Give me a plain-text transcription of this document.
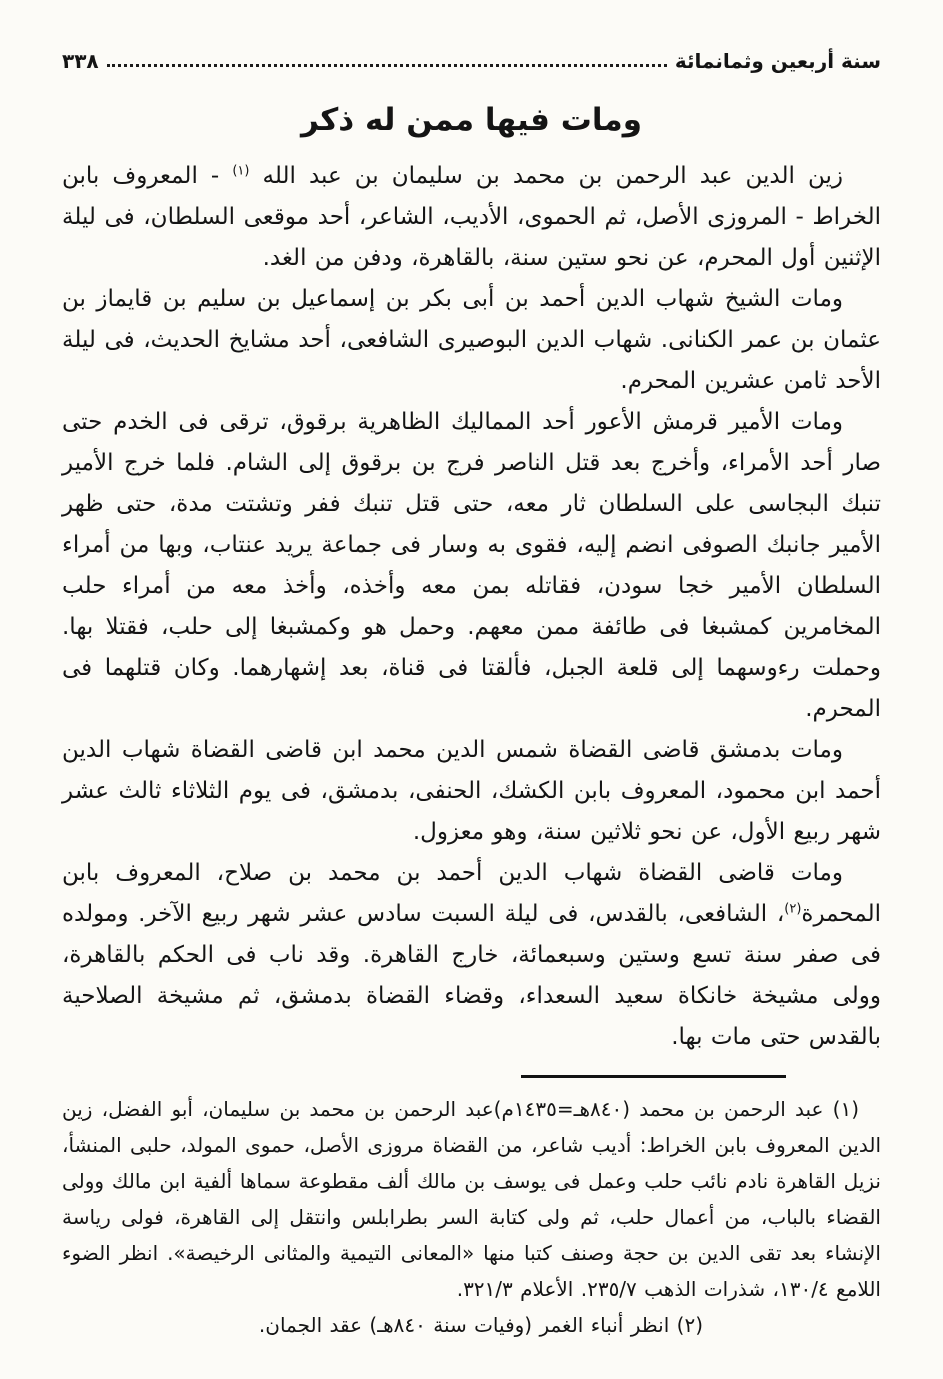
سنة أربعين وثمانمائة
٣٣٨
ومات فيها ممن له ذكر

زين الدين عبد الرحمن بن محمد بن سليمان بن عبد الله $^{(١)}$ - المعروف بابن الخراط - المروزى الأصل، ثم الحموى، الأديب، الشاعر، أحد موقعى السلطان، فى ليلة الإثنين أول المحرم، عن نحو ستين سنة، بالقاهرة، ودفن من الغد.

ومات الشيخ شهاب الدين أحمد بن أبى بكر بن إسماعيل بن سليم بن قايماز بن عثمان بن عمر الكنانى. شهاب الدين البوصيرى الشافعى، أحد مشايخ الحديث، فى ليلة الأحد ثامن عشرين المحرم.

ومات الأمير قرمش الأعور أحد المماليك الظاهرية برقوق، ترقى فى الخدم حتى صار أحد الأمراء، وأخرج بعد قتل الناصر فرج بن برقوق إلى الشام. فلما خرج الأمير تنبك البجاسى على السلطان ثار معه، حتى قتل تنبك ففر وتشتت مدة، حتى ظهر الأمير جانبك الصوفى انضم إليه، فقوى به وسار فى جماعة يريد عنتاب، وبها من أمراء السلطان الأمير خجا سودن، فقاتله بمن معه وأخذه، وأخذ معه من أمراء حلب المخامرين كمشبغا فى طائفة ممن معهم. وحمل هو وكمشبغا إلى حلب، فقتلا بها. وحملت رءوسهما إلى قلعة الجبل، فألقتا فى قناة، بعد إشهارهما. وكان قتلهما فى المحرم.

ومات بدمشق قاضى القضاة شمس الدين محمد ابن قاضى القضاة شهاب الدين أحمد ابن محمود، المعروف بابن الكشك، الحنفى، بدمشق، فى يوم الثلاثاء ثالث عشر شهر ربيع الأول، عن نحو ثلاثين سنة، وهو معزول.

ومات قاضى القضاة شهاب الدين أحمد بن محمد بن صلاح، المعروف بابن المحمرة$^{(٢)}$، الشافعى، بالقدس، فى ليلة السبت سادس عشر شهر ربيع الآخر. ومولده فى صفر سنة تسع وستين وسبعمائة، خارج القاهرة. وقد ناب فى الحكم بالقاهرة، وولى مشيخة خانكاة سعيد السعداء، وقضاء القضاة بدمشق، ثم مشيخة الصلاحية بالقدس حتى مات بها.

(١) عبد الرحمن بن محمد (٨٤٠هـ=١٤٣٥م)عبد الرحمن بن محمد بن سليمان، أبو الفضل، زين الدين المعروف بابن الخراط: أديب شاعر، من القضاة مروزى الأصل، حموى المولد، حلبى المنشأ، نزيل القاهرة نادم نائب حلب وعمل فى يوسف بن مالك ألف مقطوعة سماها ألفية ابن مالك وولى القضاء بالباب، من أعمال حلب، ثم ولى كتابة السر بطرابلس وانتقل إلى القاهرة، فولى رياسة الإنشاء بعد تقى الدين بن حجة وصنف كتبا منها «المعانى التيمية والمثانى الرخيصة». انظر الضوء اللامع ١٣٠/٤، شذرات الذهب ٢٣٥/٧. الأعلام ٣٢١/٣.

(٢) انظر أنباء الغمر (وفيات سنة ٨٤٠هـ) عقد الجمان.
